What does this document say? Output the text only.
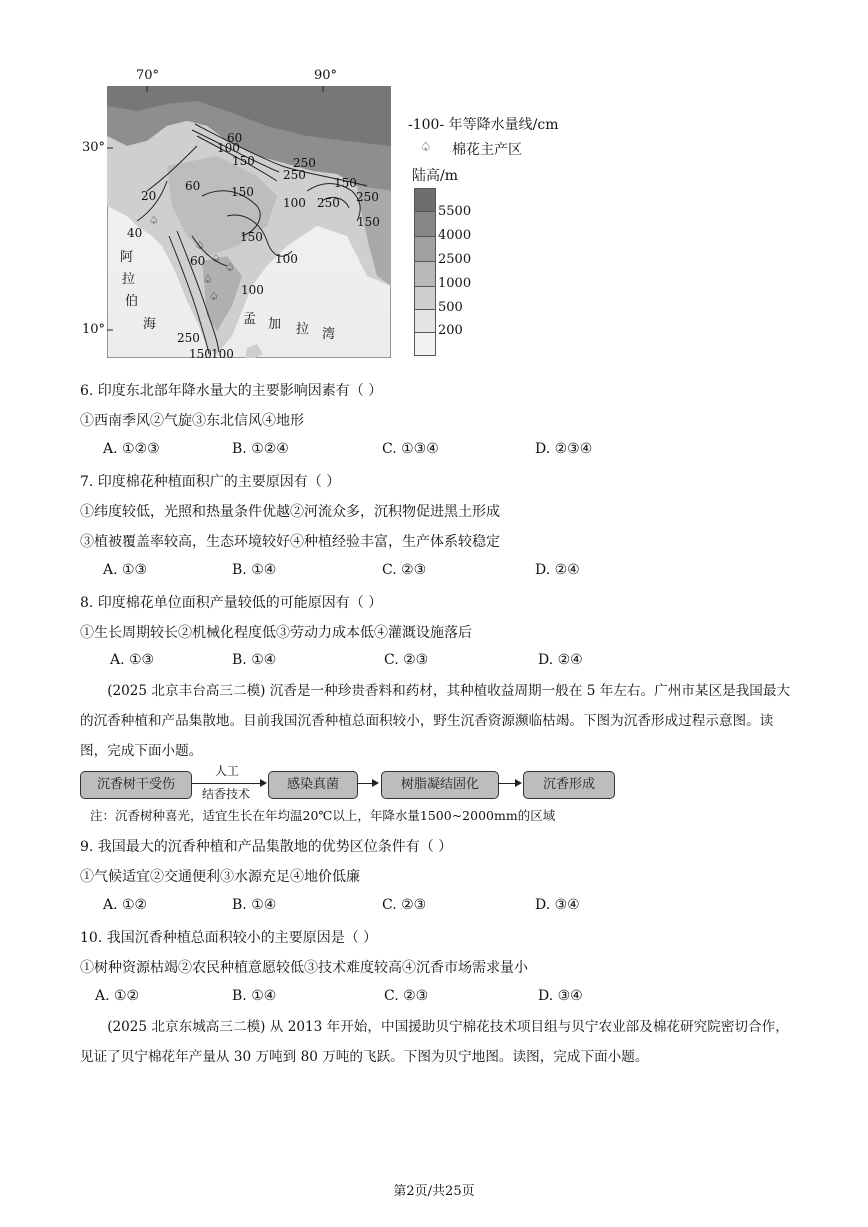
♤
♤
♤
♤
♤
♤
70°	90°
30°
10°
60
100
150	250
250
150
150
250 250
20
60
150
100
40	150
100
60
100
250
150 100
阿
拉
伯
海	孟 加 拉 湾
-100- 年等降水量线/cm
♤ 棉花主产区
陆高/m
5500
4000
2500
1000
500
200
6. 印度东北部年降水量大的主要影响因素有（ ）
①西南季风②气旋③东北信风④地形
A. ①②③	B. ①②④	C. ①③④	D. ②③④
7. 印度棉花种植面积广的主要原因有（ ）
①纬度较低，光照和热量条件优越②河流众多，沉积物促进黑土形成
③植被覆盖率较高，生态环境较好④种植经验丰富，生产体系较稳定
A. ①③	B. ①④	C. ②③	D. ②④
8. 印度棉花单位面积产量较低的可能原因有（ ）
①生长周期较长②机械化程度低③劳动力成本低④灌溉设施落后
A. ①③	B. ①④	C. ②③	D. ②④
(2025 北京丰台高三二模) 沉香是一种珍贵香料和药材，其种植收益周期一般在 5 年左右。广州市某区是我国最大的沉香种植和产品集散地。目前我国沉香种植总面积较小，野生沉香资源濒临枯竭。下图为沉香形成过程示意图。读图，完成下面小题。
沉香树干受伤
人工
结香技术
感染真菌	树脂凝结固化	沉香形成
注：沉香树种喜光，适宜生长在年均温20℃以上，年降水量1500~2000mm的区域
9. 我国最大的沉香种植和产品集散地的优势区位条件有（ ）
①气候适宜②交通便利③水源充足④地价低廉
A. ①②	B. ①④	C. ②③	D. ③④
10. 我国沉香种植总面积较小的主要原因是（ ）
①树种资源枯竭②农民种植意愿较低③技术难度较高④沉香市场需求量小
A. ①②	B. ①④	C. ②③	D. ③④
(2025 北京东城高三二模) 从 2013 年开始，中国援助贝宁棉花技术项目组与贝宁农业部及棉花研究院密切合作，见证了贝宁棉花年产量从 30 万吨到 80 万吨的飞跃。下图为贝宁地图。读图，完成下面小题。
第2页/共25页
